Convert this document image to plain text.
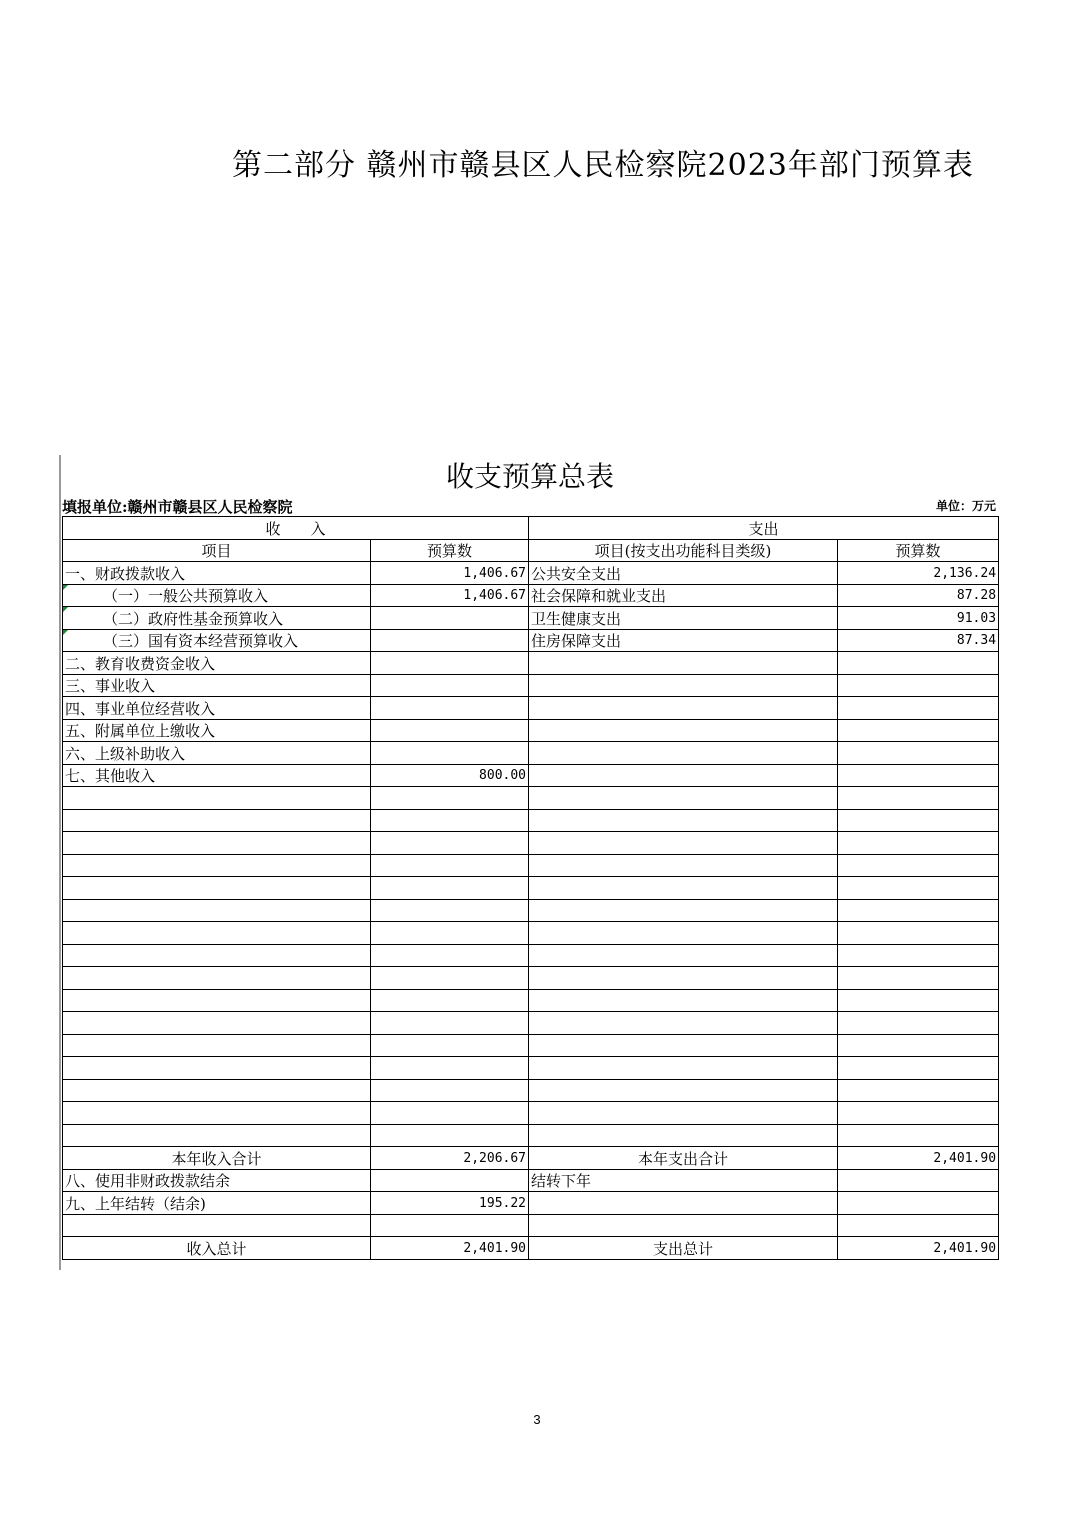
第二部分 赣州市赣县区人民检察院2023年部门预算表
收支预算总表
填报单位:赣州市赣县区人民检察院	单位：万元
收　　入		支出	
项目	预算数	项目(按支出功能科目类级)	预算数
一、财政拨款收入	1,406.67	公共安全支出	2,136.24
（一）一般公共预算收入	1,406.67	社会保障和就业支出	87.28
（二）政府性基金预算收入		卫生健康支出	91.03
（三）国有资本经营预算收入		住房保障支出	87.34
二、教育收费资金收入			
三、事业收入			
四、事业单位经营收入			
五、附属单位上缴收入			
六、上级补助收入			
七、其他收入	800.00		

本年收入合计	2,206.67	本年支出合计	2,401.90
八、使用非财政拨款结余		结转下年	
九、上年结转（结余)	195.22		

收入总计	2,401.90	支出总计	2,401.90
3
